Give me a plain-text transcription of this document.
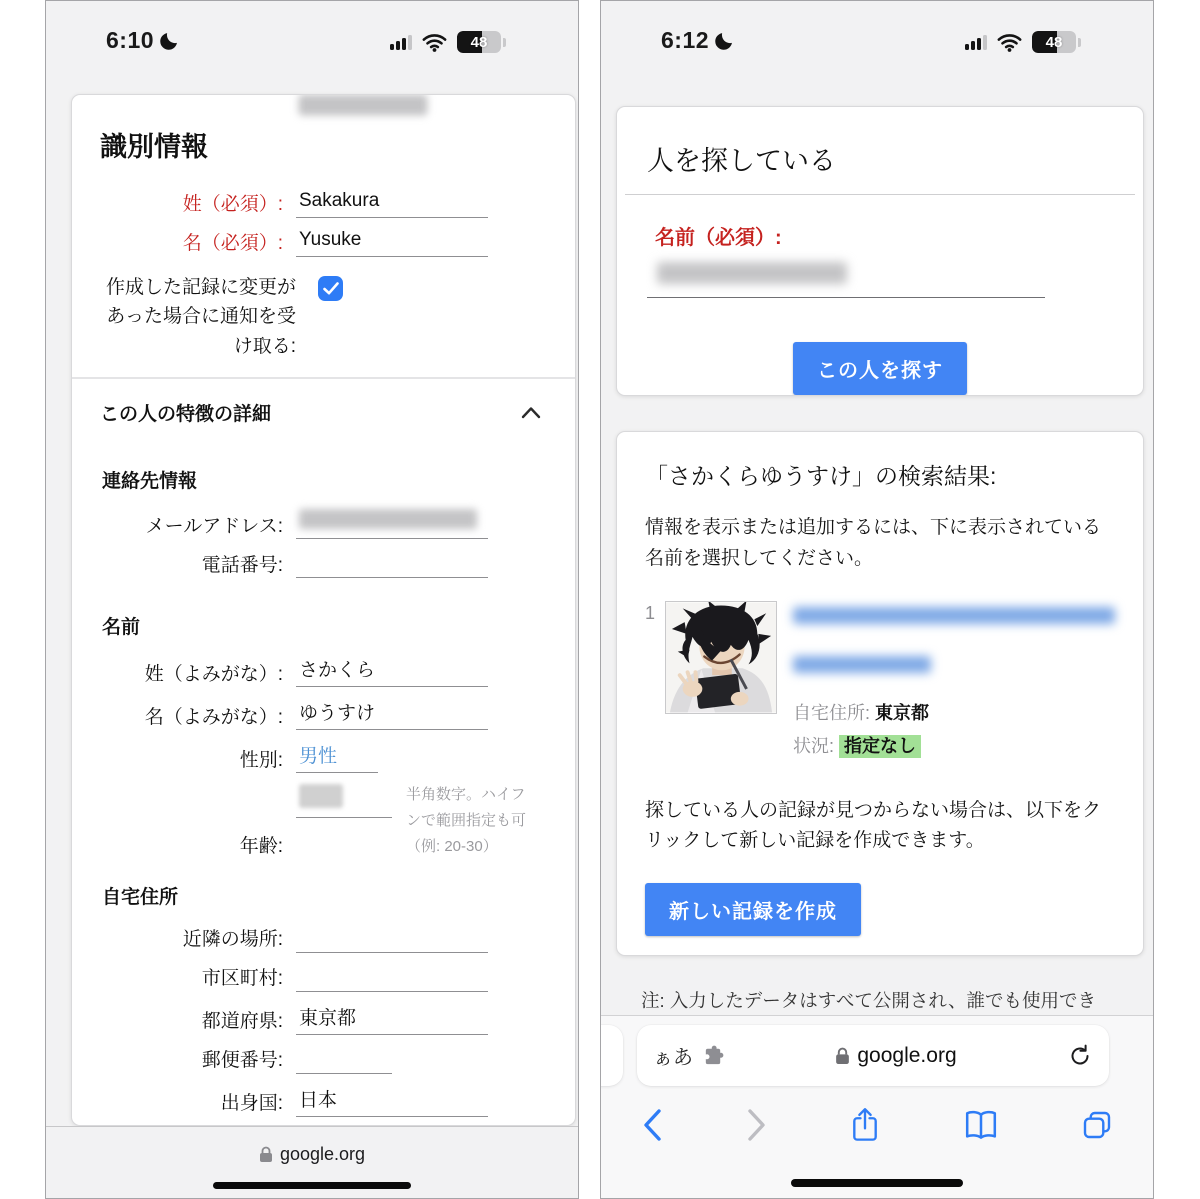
6:10	48
識別情報
姓（必須）: Sakakura
名（必須）: Yusuke
作成した記録に変更があった場合に通知を受け取る:
この人の特徴の詳細
連絡先情報
メールアドレス:
電話番号:
名前
姓（よみがな）: さかくら
名（よみがな）: ゆうすけ
性別: 男性
年齢:
半角数字。ハイフンで範囲指定も可（例: 20-30）
自宅住所
近隣の場所:
市区町村:
都道府県: 東京都
郵便番号:
出身国: 日本
google.org
6:12	48
人を探している
名前（必須）:
この人を探す
「さかくらゆうすけ」の検索結果:
情報を表示または追加するには、下に表示されている名前を選択してください。
1
自宅住所: 東京都
状況: 指定なし
探している人の記録が見つからない場合は、以下をクリックして新しい記録を作成できます。
新しい記録を作成
注: 入力したデータはすべて公開され、誰でも使用でき
ぁあ	google.org
